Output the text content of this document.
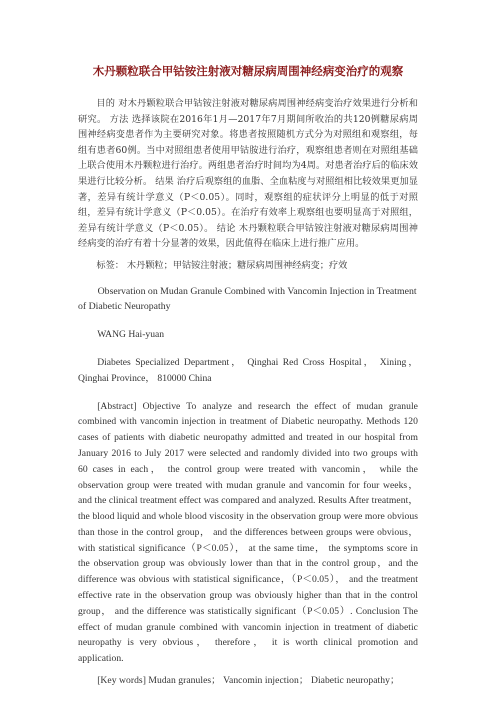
木丹颗粒联合甲钴铵注射液对糖尿病周围神经病变治疗的观察

目的 对木丹颗粒联合甲钴铵注射液对糖尿病周围神经病变治疗效果进行分析和研究。 方法 选择该院在2016年1月—2017年7月期间所收治的共120例糖尿病周围神经病变患者作为主要研究对象。将患者按照随机方式分为对照组和观察组，每组有患者60例。当中对照组患者使用甲钴胺进行治疗，观察组患者则在对照组基础上联合使用木丹颗粒进行治疗。两组患者治疗时间均为4周。对患者治疗后的临床效果进行比较分析。 结果 治疗后观察组的血脂、全血粘度与对照组相比较效果更加显著，差异有统计学意义（P＜0.05）。同时，观察组的症状评分上明显的低于对照组，差异有统计学意义（P＜0.05）。在治疗有效率上观察组也要明显高于对照组，差异有统计学意义（P＜0.05）。 结论 木丹颗粒联合甲钴铵注射液对糖尿病周围神经病变的治疗有着十分显著的效果，因此值得在临床上进行推广应用。

标签： 木丹颗粒；甲钴铵注射液；糖尿病周围神经病变；疗效

Observation on Mudan Granule Combined with Vancomin Injection in Treatment of Diabetic Neuropathy

WANG Hai-yuan

Diabetes Specialized Department， Qinghai Red Cross Hospital， Xining，Qinghai Province， 810000 China

[Abstract] Objective To analyze and research the effect of mudan granule combined with vancomin injection in treatment of Diabetic neuropathy. Methods 120 cases of patients with diabetic neuropathy admitted and treated in our hospital from January 2016 to July 2017 were selected and randomly divided into two groups with 60 cases in each， the control group were treated with vancomin， while the observation group were treated with mudan granule and vancomin for four weeks，and the clinical treatment effect was compared and analyzed. Results After treatment，the blood liquid and whole blood viscosity in the observation group were more obvious than those in the control group， and the differences between groups were obvious， with statistical significance（P＜0.05）， at the same time， the symptoms score in the observation group was obviously lower than that in the control group，and the difference was obvious with statistical significance，（P＜0.05）， and the treatment effective rate in the observation group was obviously higher than that in the control group， and the difference was statistically significant（P＜0.05）. Conclusion The effect of mudan granule combined with vancomin injection in treatment of diabetic neuropathy is very obvious， therefore， it is worth clinical promotion and application.

[Key words] Mudan granules； Vancomin injection； Diabetic neuropathy；
